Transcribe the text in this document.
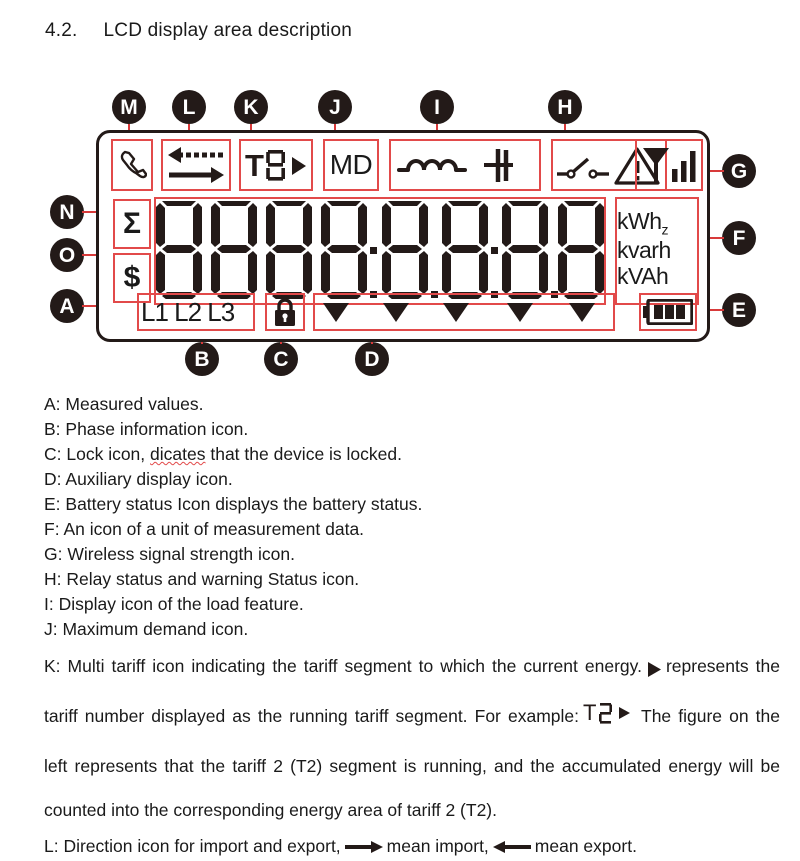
4.2. LCD display area description
M L K	J	I	H
G
F
E
N
O
A
B	C	D
T MD
Σ
$
kWh$_z$
kvarh
kVAh
L1 L2 L3
A: Measured values.
B: Phase information icon.
C: Lock icon, dicates that the device is locked.
D: Auxiliary display icon.
E: Battery status Icon displays the battery status.
F: An icon of a unit of measurement data.
G: Wireless signal strength icon.
H: Relay status and warning Status icon.
I: Display icon of the load feature.
J: Maximum demand icon.
K: Multi tariff icon indicating the tariff segment to which the current energy. represents the tariff number displayed as the running tariff segment. For example: T	The figure on the left represents that the tariff 2 (T2) segment is running, and the accumulated energy will be counted into the corresponding energy area of tariff 2 (T2).
L: Direction icon for import and export,	mean import,	mean export.
